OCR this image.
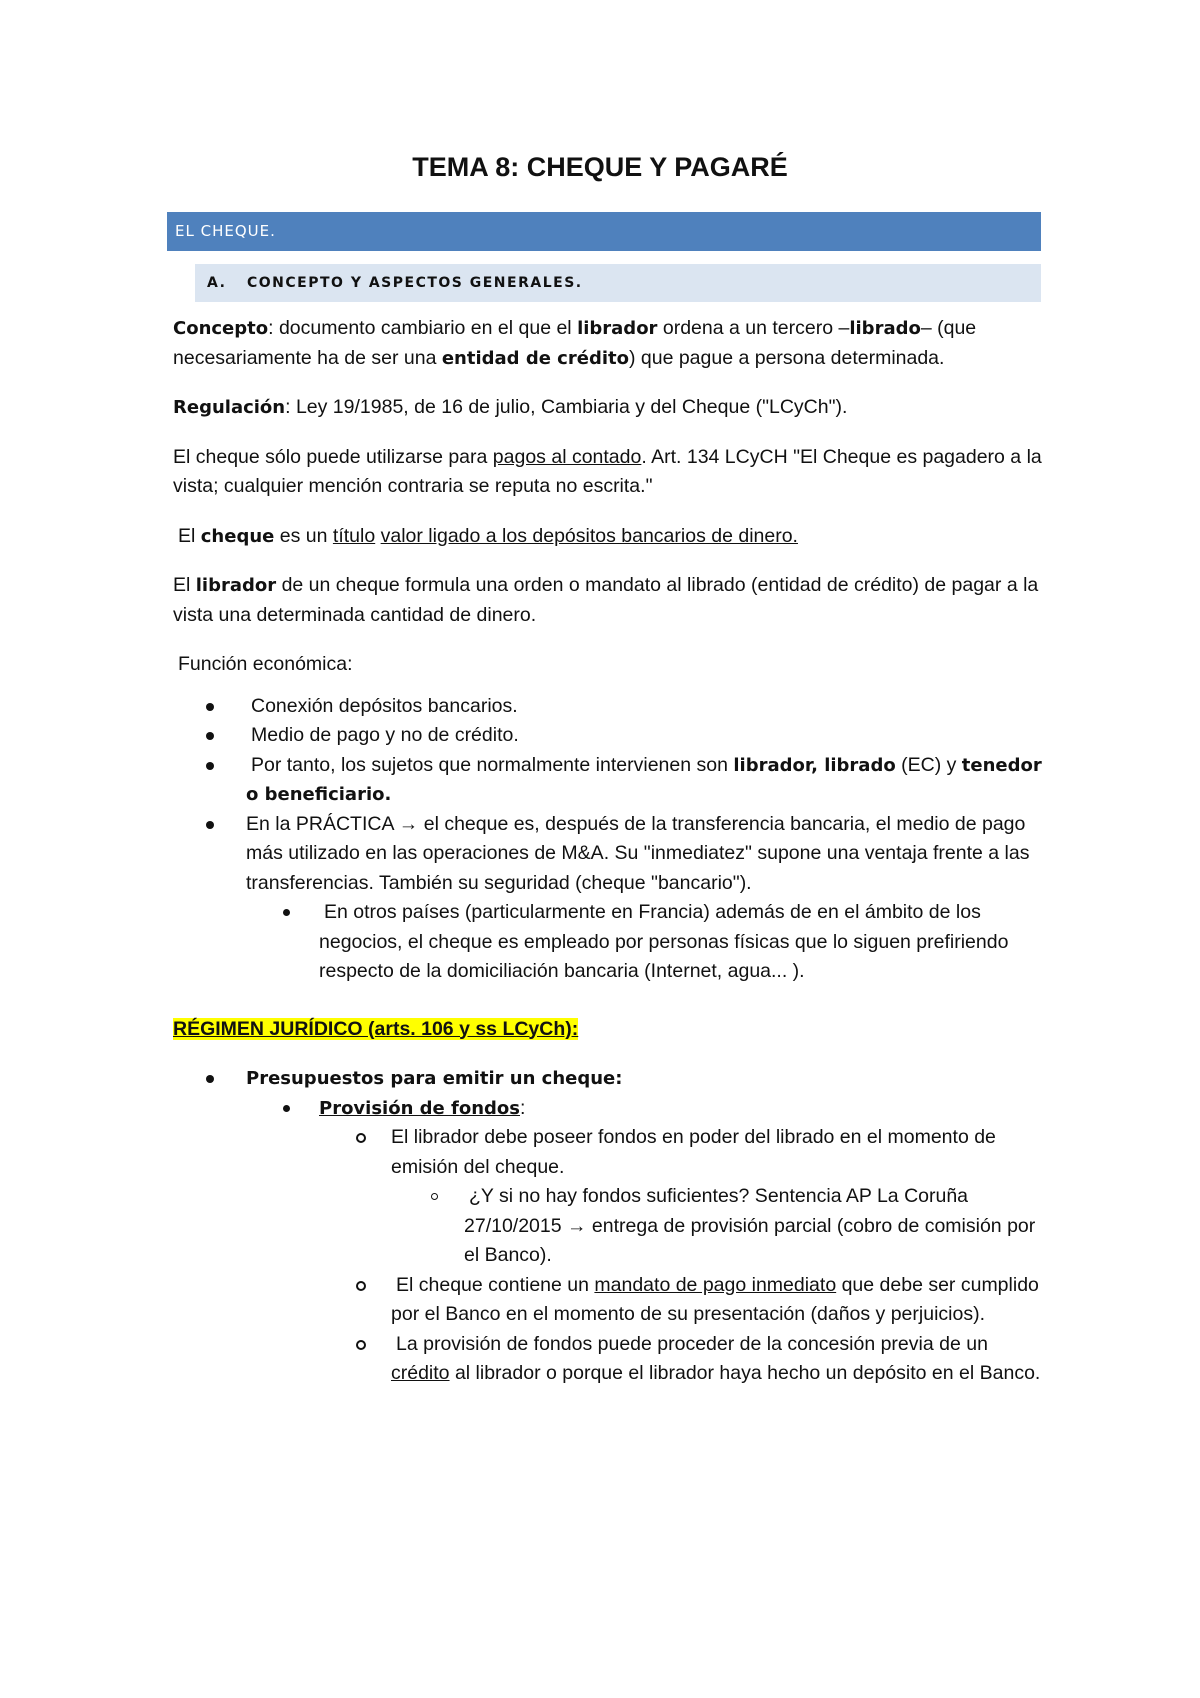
TEMA 8: CHEQUE Y PAGARÉ
EL CHEQUE.
A. CONCEPTO Y ASPECTOS GENERALES.

Concepto: documento cambiario en el que el librador ordena a un tercero –librado– (que necesariamente ha de ser una entidad de crédito) que pague a persona determinada.

Regulación: Ley 19/1985, de 16 de julio, Cambiaria y del Cheque ("LCyCh").

El cheque sólo puede utilizarse para pagos al contado. Art. 134 LCyCH "El Cheque es pagadero a la vista; cualquier mención contraria se reputa no escrita."

El cheque es un título valor ligado a los depósitos bancarios de dinero.

El librador de un cheque formula una orden o mandato al librado (entidad de crédito) de pagar a la vista una determinada cantidad de dinero.

Función económica:

Conexión depósitos bancarios.
Medio de pago y no de crédito.
Por tanto, los sujetos que normalmente intervienen son librador, librado (EC) y tenedor o beneficiario.
En la PRÁCTICA → el cheque es, después de la transferencia bancaria, el medio de pago más utilizado en las operaciones de M&A. Su "inmediatez" supone una ventaja frente a las transferencias. También su seguridad (cheque "bancario").
En otros países (particularmente en Francia) además de en el ámbito de los negocios, el cheque es empleado por personas físicas que lo siguen prefiriendo respecto de la domiciliación bancaria (Internet, agua... ).

RÉGIMEN JURÍDICO (arts. 106 y ss LCyCh):

Presupuestos para emitir un cheque:
Provisión de fondos:
El librador debe poseer fondos en poder del librado en el momento de emisión del cheque.
¿Y si no hay fondos suficientes? Sentencia AP La Coruña 27/10/2015 → entrega de provisión parcial (cobro de comisión por el Banco).
El cheque contiene un mandato de pago inmediato que debe ser cumplido por el Banco en el momento de su presentación (daños y perjuicios).
La provisión de fondos puede proceder de la concesión previa de un crédito al librador o porque el librador haya hecho un depósito en el Banco.
